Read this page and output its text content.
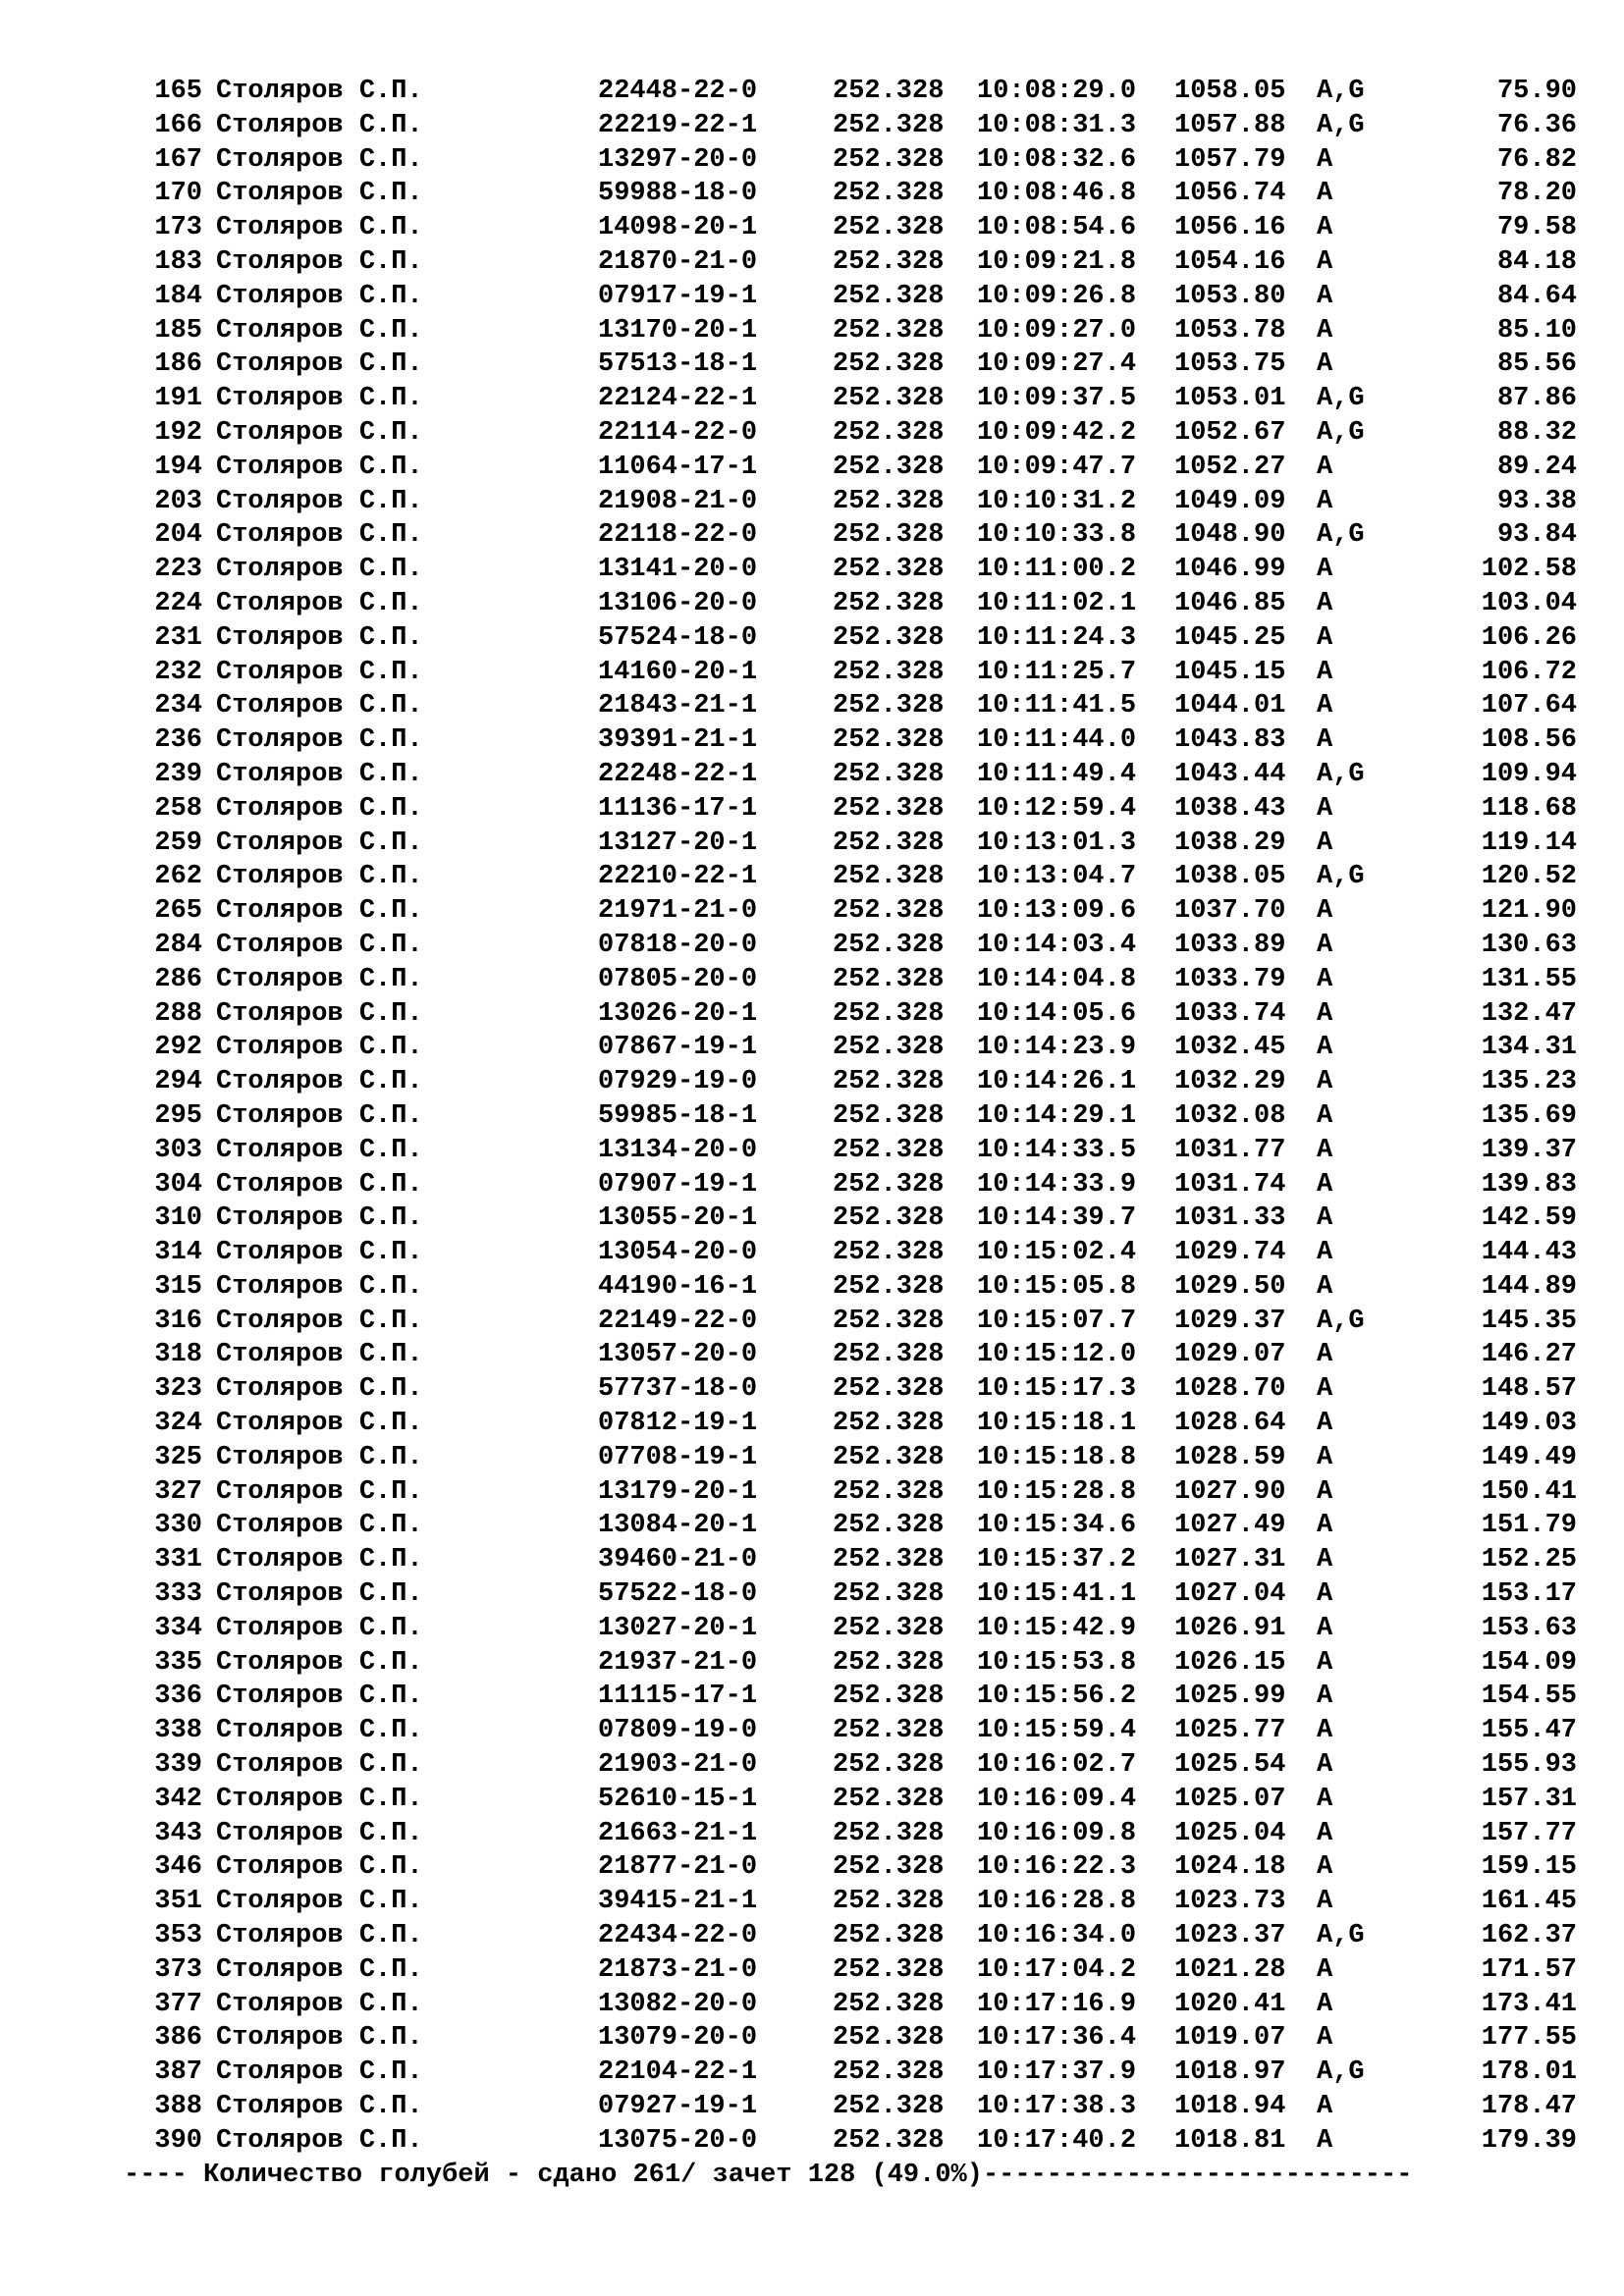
165 Столяров С.П.	22448-22-0	252.328 10:08:29.0 1058.05 A,G	75.90
166 Столяров С.П.	22219-22-1	252.328 10:08:31.3 1057.88 A,G	76.36
167 Столяров С.П.	13297-20-0	252.328 10:08:32.6 1057.79 A	76.82
170 Столяров С.П.	59988-18-0	252.328 10:08:46.8 1056.74 A	78.20
173 Столяров С.П.	14098-20-1	252.328 10:08:54.6 1056.16 A	79.58
183 Столяров С.П.	21870-21-0	252.328 10:09:21.8 1054.16 A	84.18
184 Столяров С.П.	07917-19-1	252.328 10:09:26.8 1053.80 A	84.64
185 Столяров С.П.	13170-20-1	252.328 10:09:27.0 1053.78 A	85.10
186 Столяров С.П.	57513-18-1	252.328 10:09:27.4 1053.75 A	85.56
191 Столяров С.П.	22124-22-1	252.328 10:09:37.5 1053.01 A,G	87.86
192 Столяров С.П.	22114-22-0	252.328 10:09:42.2 1052.67 A,G	88.32
194 Столяров С.П.	11064-17-1	252.328 10:09:47.7 1052.27 A	89.24
203 Столяров С.П.	21908-21-0	252.328 10:10:31.2 1049.09 A	93.38
204 Столяров С.П.	22118-22-0	252.328 10:10:33.8 1048.90 A,G	93.84
223 Столяров С.П.	13141-20-0	252.328 10:11:00.2 1046.99 A	102.58
224 Столяров С.П.	13106-20-0	252.328 10:11:02.1 1046.85 A	103.04
231 Столяров С.П.	57524-18-0	252.328 10:11:24.3 1045.25 A	106.26
232 Столяров С.П.	14160-20-1	252.328 10:11:25.7 1045.15 A	106.72
234 Столяров С.П.	21843-21-1	252.328 10:11:41.5 1044.01 A	107.64
236 Столяров С.П.	39391-21-1	252.328 10:11:44.0 1043.83 A	108.56
239 Столяров С.П.	22248-22-1	252.328 10:11:49.4 1043.44 A,G	109.94
258 Столяров С.П.	11136-17-1	252.328 10:12:59.4 1038.43 A	118.68
259 Столяров С.П.	13127-20-1	252.328 10:13:01.3 1038.29 A	119.14
262 Столяров С.П.	22210-22-1	252.328 10:13:04.7 1038.05 A,G	120.52
265 Столяров С.П.	21971-21-0	252.328 10:13:09.6 1037.70 A	121.90
284 Столяров С.П.	07818-20-0	252.328 10:14:03.4 1033.89 A	130.63
286 Столяров С.П.	07805-20-0	252.328 10:14:04.8 1033.79 A	131.55
288 Столяров С.П.	13026-20-1	252.328 10:14:05.6 1033.74 A	132.47
292 Столяров С.П.	07867-19-1	252.328 10:14:23.9 1032.45 A	134.31
294 Столяров С.П.	07929-19-0	252.328 10:14:26.1 1032.29 A	135.23
295 Столяров С.П.	59985-18-1	252.328 10:14:29.1 1032.08 A	135.69
303 Столяров С.П.	13134-20-0	252.328 10:14:33.5 1031.77 A	139.37
304 Столяров С.П.	07907-19-1	252.328 10:14:33.9 1031.74 A	139.83
310 Столяров С.П.	13055-20-1	252.328 10:14:39.7 1031.33 A	142.59
314 Столяров С.П.	13054-20-0	252.328 10:15:02.4 1029.74 A	144.43
315 Столяров С.П.	44190-16-1	252.328 10:15:05.8 1029.50 A	144.89
316 Столяров С.П.	22149-22-0	252.328 10:15:07.7 1029.37 A,G	145.35
318 Столяров С.П.	13057-20-0	252.328 10:15:12.0 1029.07 A	146.27
323 Столяров С.П.	57737-18-0	252.328 10:15:17.3 1028.70 A	148.57
324 Столяров С.П.	07812-19-1	252.328 10:15:18.1 1028.64 A	149.03
325 Столяров С.П.	07708-19-1	252.328 10:15:18.8 1028.59 A	149.49
327 Столяров С.П.	13179-20-1	252.328 10:15:28.8 1027.90 A	150.41
330 Столяров С.П.	13084-20-1	252.328 10:15:34.6 1027.49 A	151.79
331 Столяров С.П.	39460-21-0	252.328 10:15:37.2 1027.31 A	152.25
333 Столяров С.П.	57522-18-0	252.328 10:15:41.1 1027.04 A	153.17
334 Столяров С.П.	13027-20-1	252.328 10:15:42.9 1026.91 A	153.63
335 Столяров С.П.	21937-21-0	252.328 10:15:53.8 1026.15 A	154.09
336 Столяров С.П.	11115-17-1	252.328 10:15:56.2 1025.99 A	154.55
338 Столяров С.П.	07809-19-0	252.328 10:15:59.4 1025.77 A	155.47
339 Столяров С.П.	21903-21-0	252.328 10:16:02.7 1025.54 A	155.93
342 Столяров С.П.	52610-15-1	252.328 10:16:09.4 1025.07 A	157.31
343 Столяров С.П.	21663-21-1	252.328 10:16:09.8 1025.04 A	157.77
346 Столяров С.П.	21877-21-0	252.328 10:16:22.3 1024.18 A	159.15
351 Столяров С.П.	39415-21-1	252.328 10:16:28.8 1023.73 A	161.45
353 Столяров С.П.	22434-22-0	252.328 10:16:34.0 1023.37 A,G	162.37
373 Столяров С.П.	21873-21-0	252.328 10:17:04.2 1021.28 A	171.57
377 Столяров С.П.	13082-20-0	252.328 10:17:16.9 1020.41 A	173.41
386 Столяров С.П.	13079-20-0	252.328 10:17:36.4 1019.07 A	177.55
387 Столяров С.П.	22104-22-1	252.328 10:17:37.9 1018.97 A,G	178.01
388 Столяров С.П.	07927-19-1	252.328 10:17:38.3 1018.94 A	178.47
390 Столяров С.П.	13075-20-0	252.328 10:17:40.2 1018.81 A	179.39
---- Количество голубей - сдано 261/ зачет 128 (49.0%)---------------------------
